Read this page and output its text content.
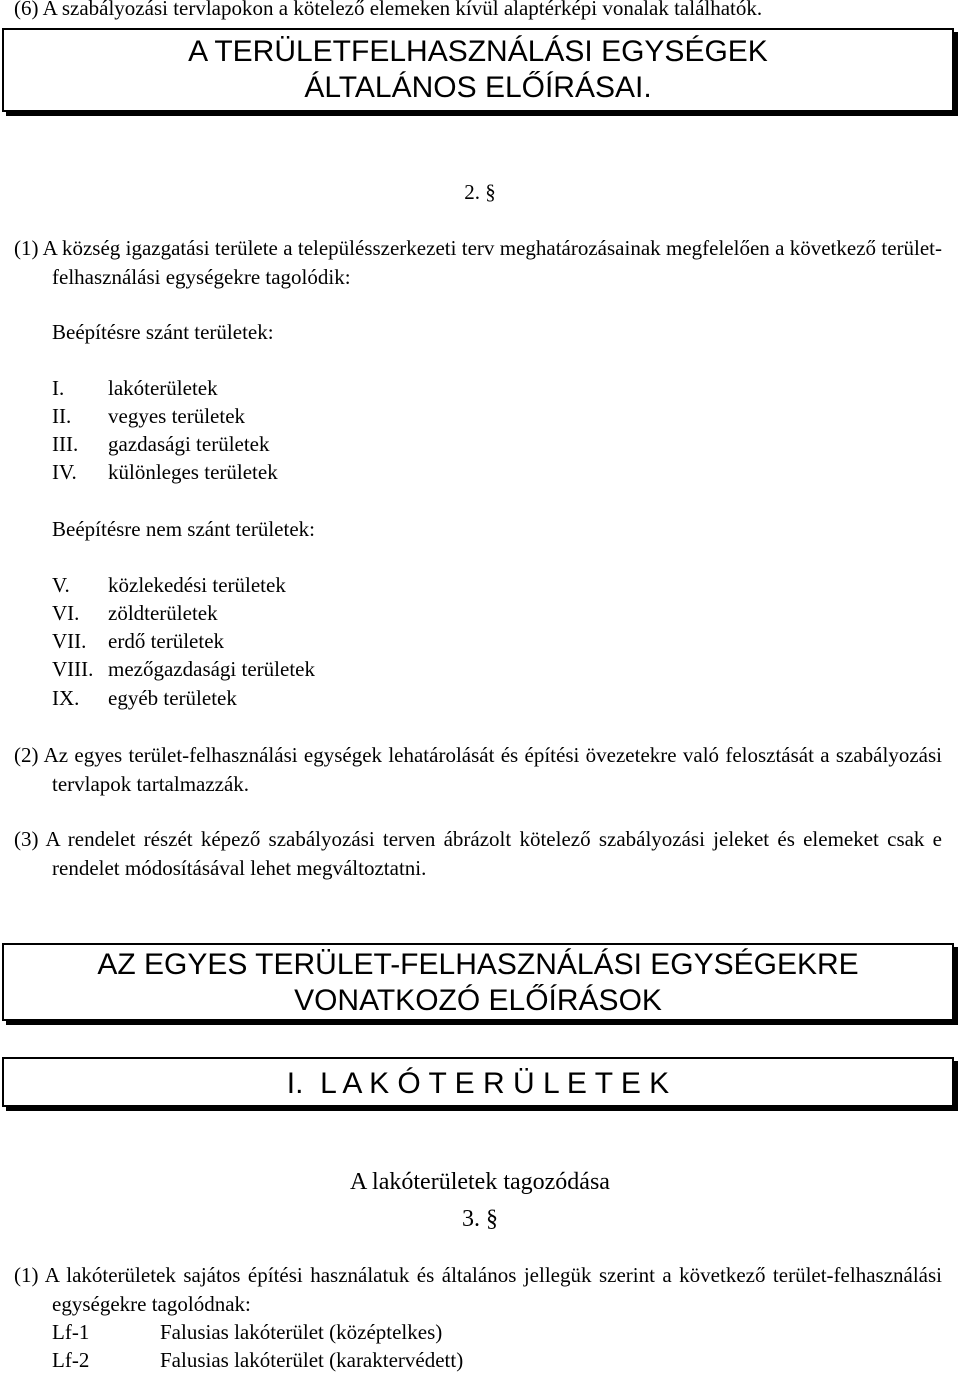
(6) A szabályozási tervlapokon a kötelező elemeken kívül alaptérképi vonalak találhatók.
A TERÜLETFELHASZNÁLÁSI EGYSÉGEK
ÁLTALÁNOS ELŐÍRÁSAI.
2. §
(1) A község igazgatási területe a településszerkezeti terv meghatározásainak megfelelően a következő terület-felhasználási egységekre tagolódik:
Beépítésre szánt területek:
I. lakóterületek
II. vegyes területek
III. gazdasági területek
IV. különleges területek
Beépítésre nem szánt területek:
V. közlekedési területek
VI. zöldterületek
VII. erdő területek
VIII. mezőgazdasági területek
IX. egyéb területek
(2) Az egyes terület-felhasználási egységek lehatárolását és építési övezetekre való felosztását a szabályozási tervlapok tartalmazzák.
(3) A rendelet részét képező szabályozási terven ábrázolt kötelező szabályozási jeleket és elemeket csak e rendelet módosításával lehet megváltoztatni.
AZ EGYES TERÜLET-FELHASZNÁLÁSI EGYSÉGEKRE
VONATKOZÓ ELŐÍRÁSOK
I.  L A K Ó T E R Ü L E T E K
A lakóterületek tagozódása
3. §
(1) A lakóterületek sajátos építési használatuk és általános jellegük szerint a következő terület-felhasználási egységekre tagolódnak:
Lf-1	Falusias lakóterület (középtelkes)
Lf-2	Falusias lakóterület (karaktervédett)
